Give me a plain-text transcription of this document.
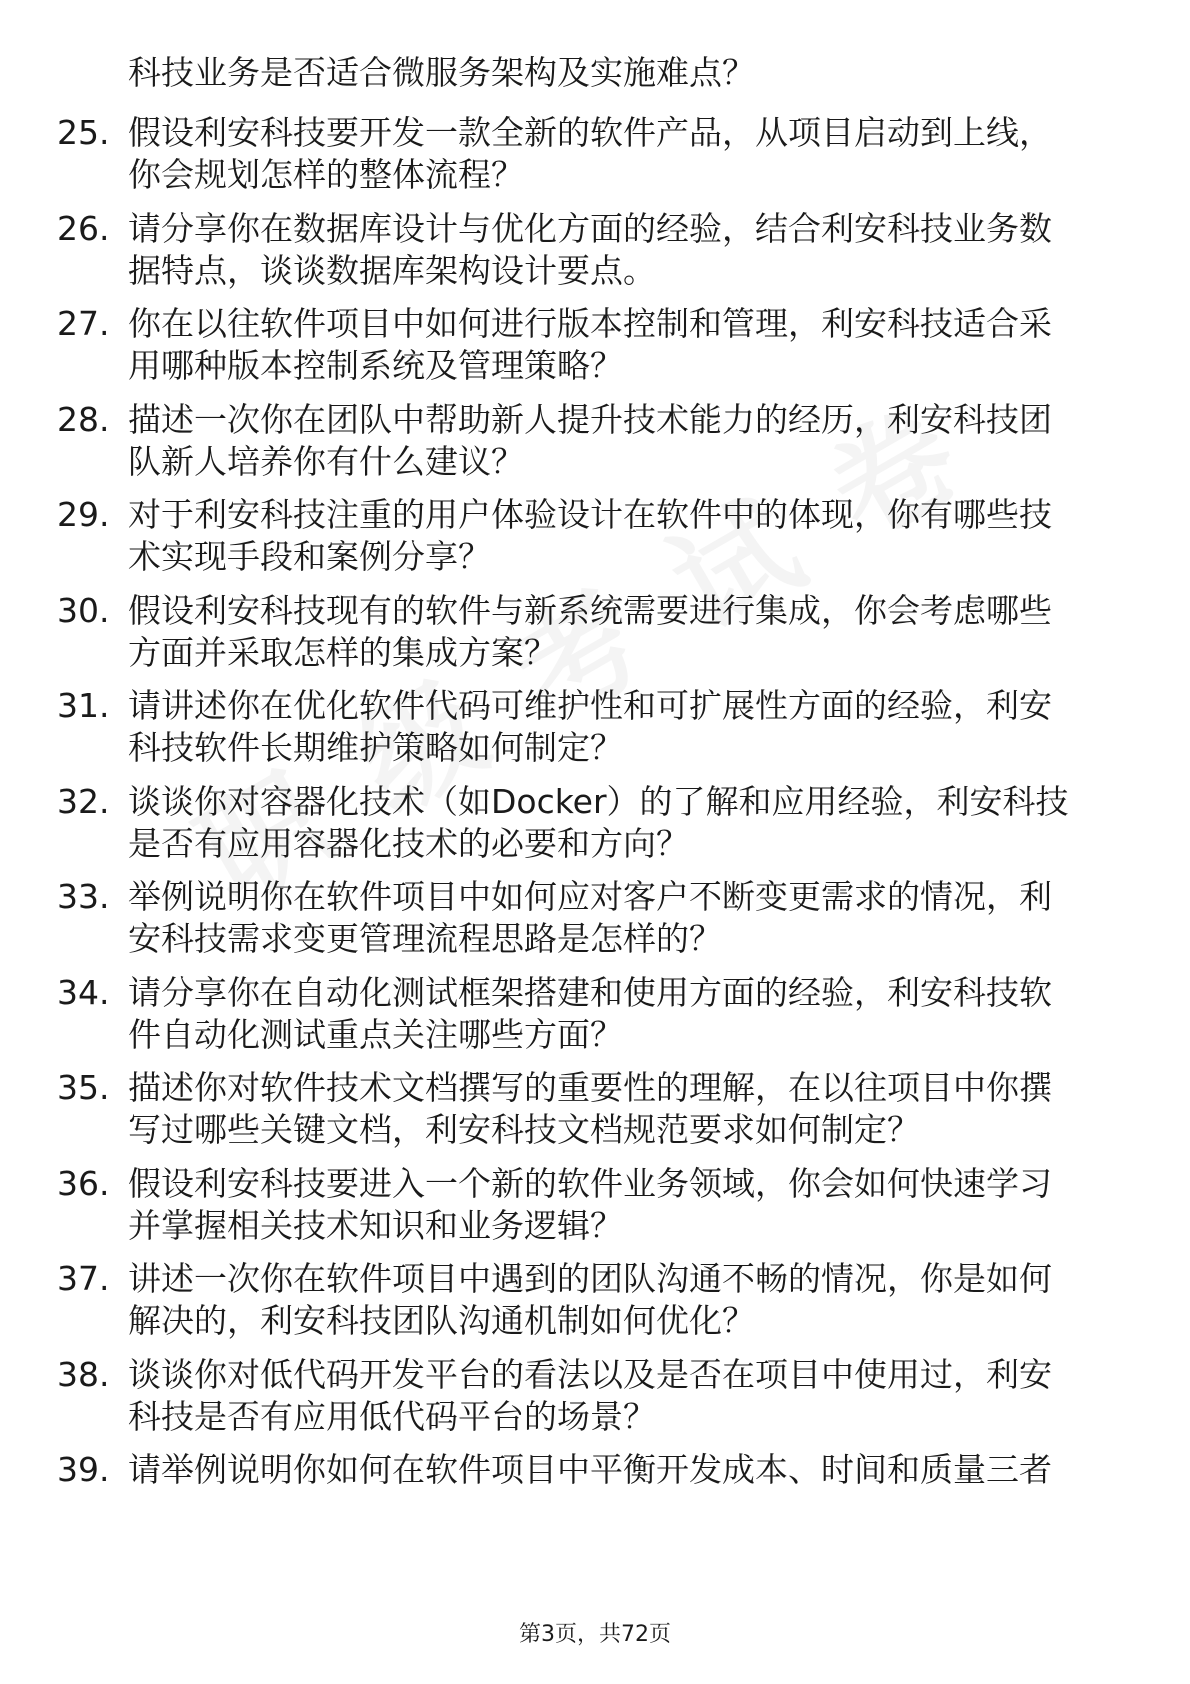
科技业务是否适合微服务架构及实施难点？
25. 假设利安科技要开发一款全新的软件产品，从项目启动到上线，
你会规划怎样的整体流程？
26. 请分享你在数据库设计与优化方面的经验，结合利安科技业务数
据特点，谈谈数据库架构设计要点。
27. 你在以往软件项目中如何进行版本控制和管理，利安科技适合采
用哪种版本控制系统及管理策略？
28. 描述一次你在团队中帮助新人提升技术能力的经历，利安科技团
队新人培养你有什么建议？
29. 对于利安科技注重的用户体验设计在软件中的体现，你有哪些技
术实现手段和案例分享？
30. 假设利安科技现有的软件与新系统需要进行集成，你会考虑哪些
方面并采取怎样的集成方案？
31. 请讲述你在优化软件代码可维护性和可扩展性方面的经验，利安
科技软件长期维护策略如何制定？
32. 谈谈你对容器化技术（如Docker）的了解和应用经验，利安科技
是否有应用容器化技术的必要和方向？
33. 举例说明你在软件项目中如何应对客户不断变更需求的情况，利
安科技需求变更管理流程思路是怎样的？
34. 请分享你在自动化测试框架搭建和使用方面的经验，利安科技软
件自动化测试重点关注哪些方面？
35. 描述你对软件技术文档撰写的重要性的理解，在以往项目中你撰
写过哪些关键文档，利安科技文档规范要求如何制定？
36. 假设利安科技要进入一个新的软件业务领域，你会如何快速学习
并掌握相关技术知识和业务逻辑？
37. 讲述一次你在软件项目中遇到的团队沟通不畅的情况，你是如何
解决的，利安科技团队沟通机制如何优化？
38. 谈谈你对低代码开发平台的看法以及是否在项目中使用过，利安
科技是否有应用低代码平台的场景？
39. 请举例说明你如何在软件项目中平衡开发成本、时间和质量三者
第3页，共72页
